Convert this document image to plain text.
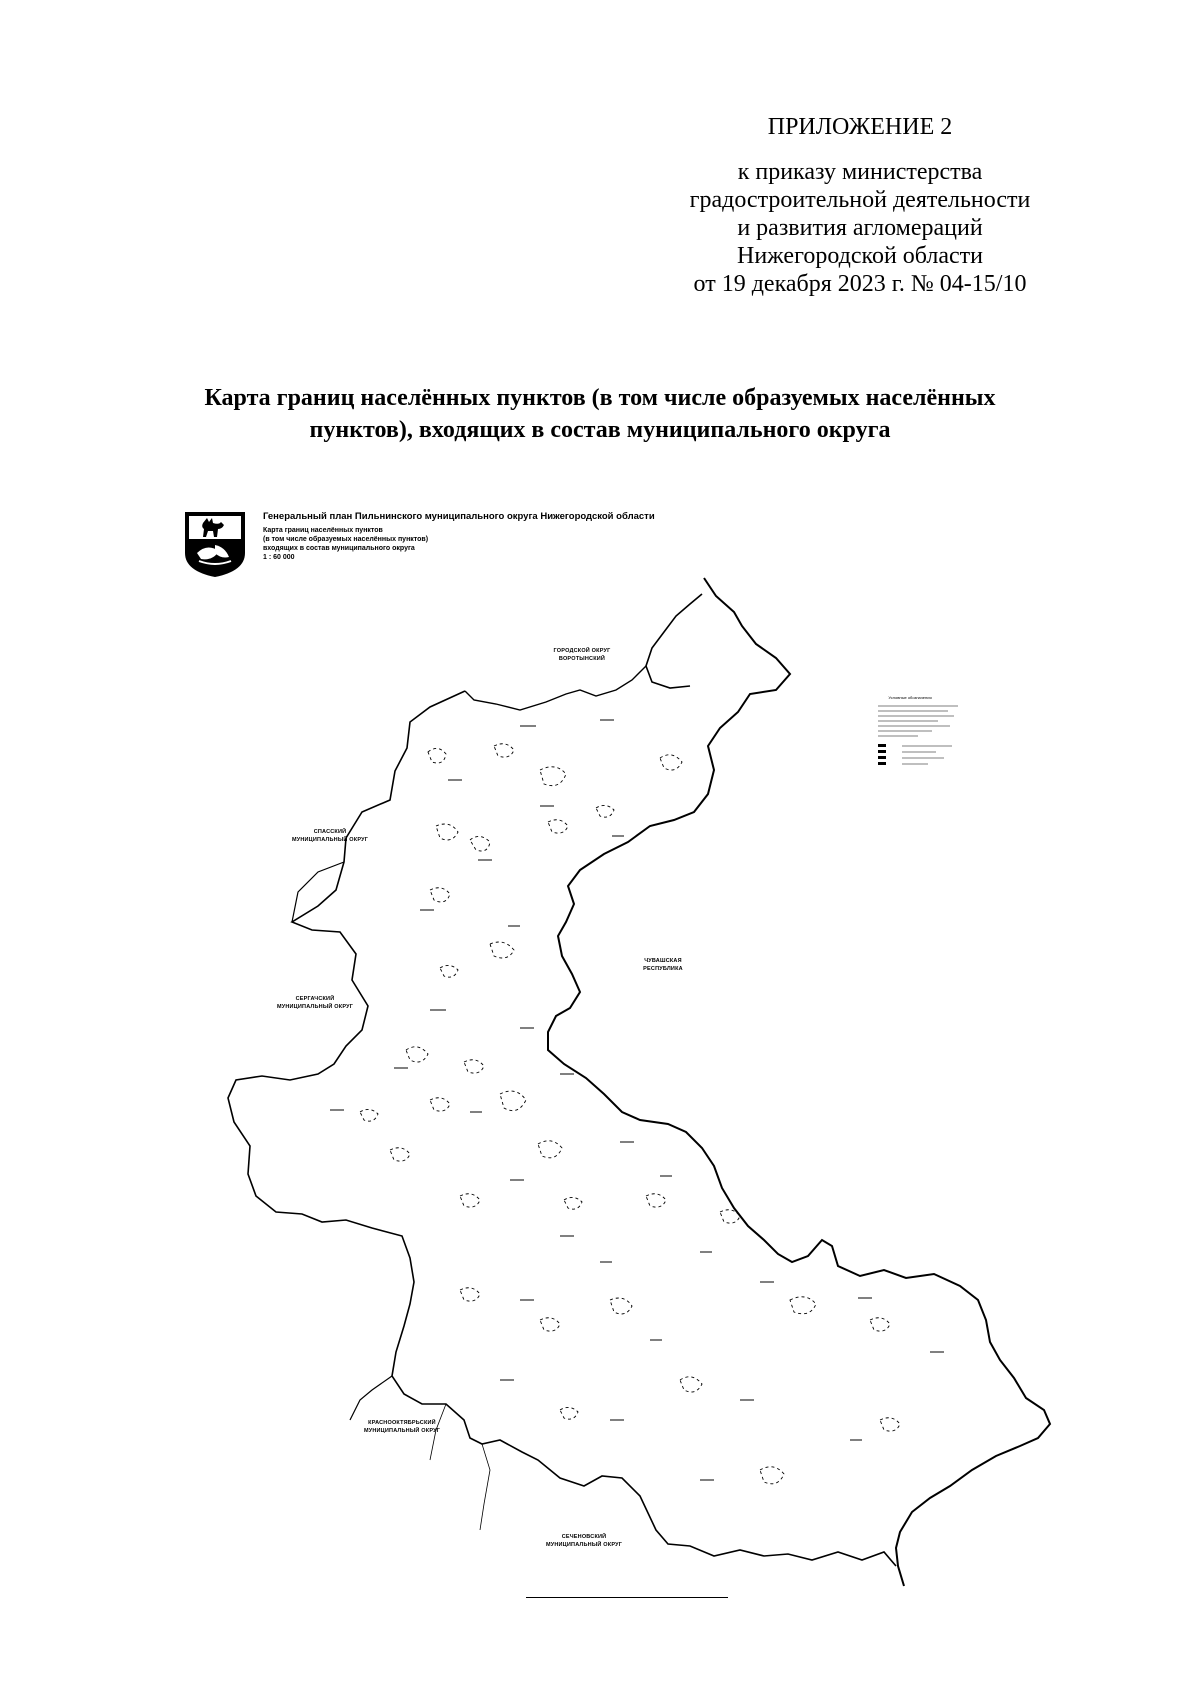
ПРИЛОЖЕНИЕ 2
к приказу министерства
градостроительной деятельности
и развития агломераций
Нижегородской области
от 19 декабря 2023 г. № 04-15/10
Карта границ населённых пунктов (в том числе образуемых населённых
пунктов), входящих в состав муниципального округа
Генеральный план Пильнинского муниципального округа Нижегородской области
Карта границ населённых пунктов
(в том числе образуемых населённых пунктов)
входящих в состав муниципального округа
1 : 60 000
ГОРОДСКОЙ ОКРУГ
ВОРОТЫНСКИЙ
СПАССКИЙ
МУНИЦИПАЛЬНЫЙ ОКРУГ
СЕРГАЧСКИЙ
МУНИЦИПАЛЬНЫЙ ОКРУГ
ЧУВАШСКАЯ
РЕСПУБЛИКА
КРАСНООКТЯБРЬСКИЙ
МУНИЦИПАЛЬНЫЙ ОКРУГ
СЕЧЕНОВСКИЙ
МУНИЦИПАЛЬНЫЙ ОКРУГ
Условные обозначения
